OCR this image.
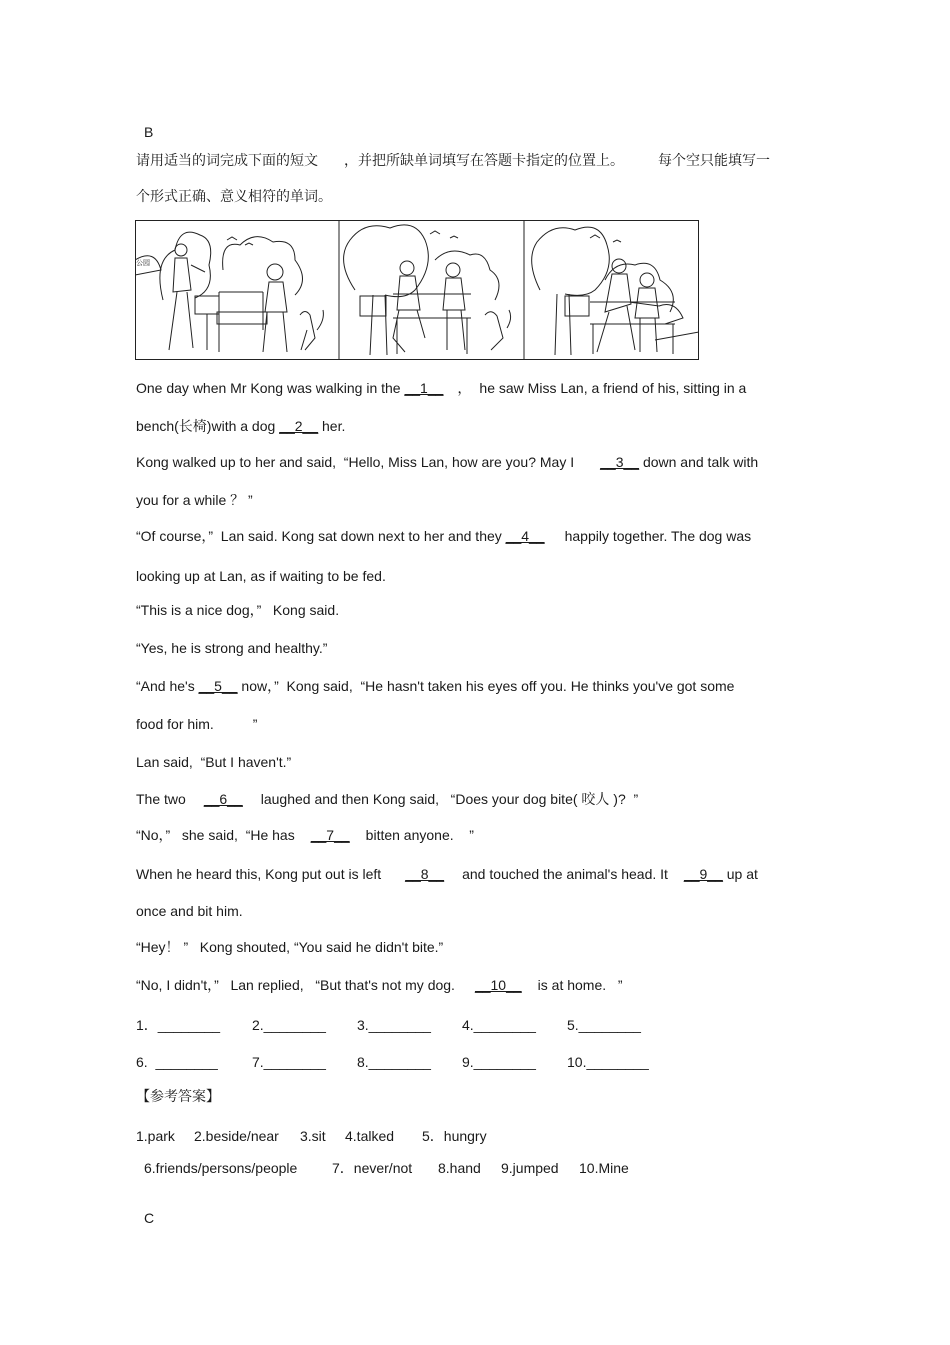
B
请用适当的词完成下面的短文 ，并把所缺单词填写在答题卡指定的位置上。 每个空只能填写一
个形式正确、意义相符的单词。
公园
One day when Mr Kong was walking in the __1__ ， he saw Miss Lan, a friend of his, sitting in a
bench(长椅)with a dog __2__ her.
Kong walked up to her and said,  “Hello, Miss Lan, how are you? May I __3__ down and talk with
you for a while ？ ”
“Of course，”  Lan said. Kong sat down next to her and they __4__ happily together. The dog was
looking up at Lan, as if waiting to be fed.
“This is a nice dog，”   Kong said.
“Yes, he is strong and healthy.”
“And he's __5__ now，”  Kong said,  “He hasn't taken his eyes off you. He thinks you've got some
food for him.          ”
Lan said,  “But I haven't.”
The two __6__ laughed and then Kong said,   “Does your dog bite( 咬人 )?  ”
“No，”   she said,  “He has __7__ bitten anyone.    ”
When he heard this, Kong put out is left __8__ and touched the animal's head. It __9__ up at
once and bit him.
“Hey！ ”   Kong shouted, “You said he didn't bite.”
“No, I didn't，”   Lan replied,   “But that's not my dog. __10__ is at home.   ”
1．________ 2.________ 3.________ 4.________ 5.________
6.  ________ 7.________ 8.________ 9.________ 10.________
【参考答案】
1.park 2.beside/near 3.sit 4.talked 5．hungry
6.friends/persons/people 7．never/not 8.hand 9.jumped 10.Mine
C
